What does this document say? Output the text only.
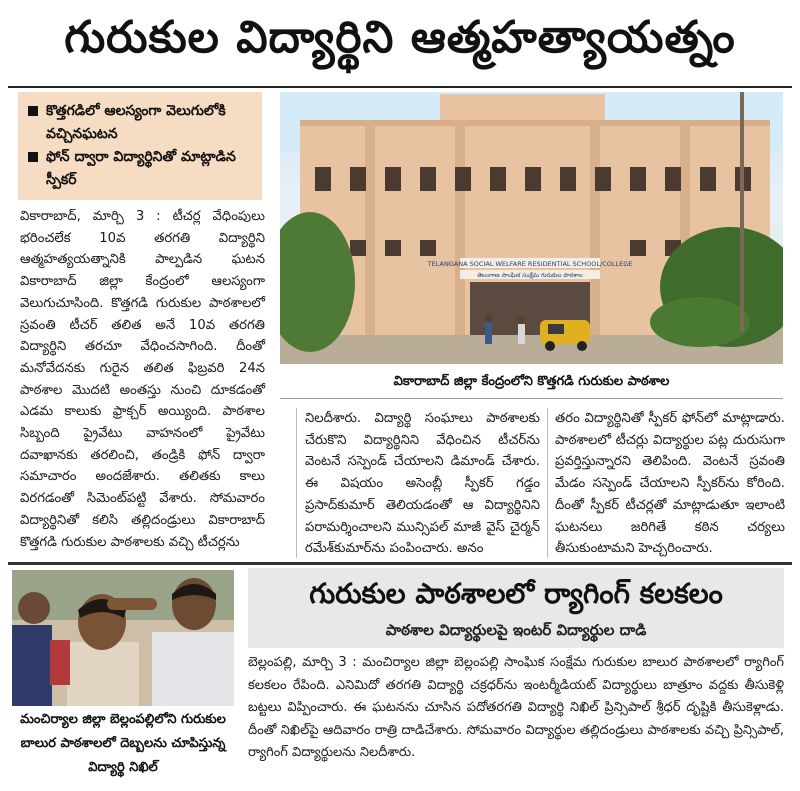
గురుకుల విద్యార్థిని ఆత్మహత్యాయత్నం
కొత్తగడిలో ఆలస్యంగా వెలుగులోకి వచ్చినఘటన
ఫోన్‌ ద్వారా విద్యార్థినితో మాట్లాడిన స్పీకర్‌
వికారాబాద్‌, మార్చి 3 : టీచర్ల వేధింపులు భరించలేక 10వ తరగతి విద్యార్థిని ఆత్మహత్యయత్నానికి పాల్పడిన ఘటన వికారాబాద్‌ జిల్లా కేంద్రంలో ఆలస్యంగా వెలుగుచూసింది. కొత్తగడి గురుకుల పాఠశాలలో స్రవంతి టీచర్‌ తలిత అనే 10వ తరగతి విద్యార్థిని తరచూ వేధించసాగింది. దీంతో మనోవేదనకు గురైన తలిత ఫిబ్రవరి 24న పాఠశాల మొదటి అంతస్తు నుంచి దూకడంతో ఎడమ కాలుకు ఫ్రాక్చర్‌ అయ్యింది. పాఠశాల సిబ్బంది ప్రైవేటు వాహనంలో ప్రైవేటు దవాఖానకు తరలించి, తండ్రికి ఫోన్‌ ద్వారా సమాచారం అందజేశారు. తలితకు కాలు విరగడంతో సిమెంట్‌పట్టి వేశారు. సోమవారం విద్యార్థినితో కలిసి తల్లిదండ్రులు వికారాబాద్‌ కొత్తగడి గురుకుల పాఠశాలకు వచ్చి టీచర్లను
TELANGANA SOCIAL WELFARE RESIDENTIAL SCHOOL/COLLEGE
తెలంగాణ సాంఘిక సంక్షేమ గురుకుల పాఠశాల
వికారాబాద్‌ జిల్లా కేంద్రంలోని కొత్తగడి గురుకుల పాఠశాల
నిలదీశారు. విద్యార్థి సంఘాలు పాఠశాలకు చేరుకొని విద్యార్థినిని వేధించిన టీచర్‌ను వెంటనే సస్పెండ్‌ చేయాలని డిమాండ్‌ చేశారు. ఈ విషయం అసెంబ్లీ స్పీకర్‌ గడ్డం ప్రసాద్‌కుమార్‌ తెలియడంతో ఆ విద్యార్థినిని పరామర్శించాలని మున్సిపల్‌ మాజీ వైస్‌ చైర్మన్‌ రమేశ్‌కుమార్‌ను పంపించారు. అనం
తరం విద్యార్థినితో స్పీకర్‌ ఫోన్‌లో మాట్లాడారు. పాఠశాలలో టీచర్లు విద్యార్థుల పట్ల దురుసుగా ప్రవర్తిస్తున్నారని తెలిపింది. వెంటనే స్రవంతి మేడం సస్పెండ్‌ చేయాలని స్పీకర్‌ను కోరింది. దీంతో స్పీకర్‌ టీచర్లతో మాట్లాడుతూ ఇలాంటి ఘటనలు జరిగితే కఠిన చర్యలు తీసుకుంటామని హెచ్చరించారు.
మంచిర్యాల జిల్లా బెల్లంపల్లిలోని గురుకుల బాలుర పాఠశాలలో దెబ్బలను చూపిస్తున్న విద్యార్థి నిఖిల్‌
గురుకుల పాఠశాలలో ర్యాగింగ్‌ కలకలం
పాఠశాల విద్యార్థులపై ఇంటర్‌ విద్యార్థుల దాడి
బెల్లంపల్లి, మార్చి 3 : మంచిర్యాల జిల్లా బెల్లంపల్లి సాంఘిక సంక్షేమ గురుకుల బాలుర పాఠశాలలో ర్యాగింగ్‌ కలకలం రేపింది. ఎనిమిదో తరగతి విద్యార్థి చక్రధర్‌ను ఇంటర్మీడియట్‌ విద్యార్థులు బాత్రూం వద్దకు తీసుకెళ్లి బట్టలు విప్పించారు. ఈ ఘటనను చూసిన పదోతరగతి విద్యార్థి నిఖిల్‌ ప్రిన్సిపాల్‌ శ్రీధర్‌ దృష్టికి తీసుకెళ్లాడు. దీంతో నిఖిల్‌పై ఆదివారం రాత్రి దాడిచేశారు. సోమవారం విద్యార్థుల తల్లిదండ్రులు పాఠశాలకు వచ్చి ప్రిన్సిపాల్‌, ర్యాగింగ్‌ విద్యార్థులను నిలదీశారు.
